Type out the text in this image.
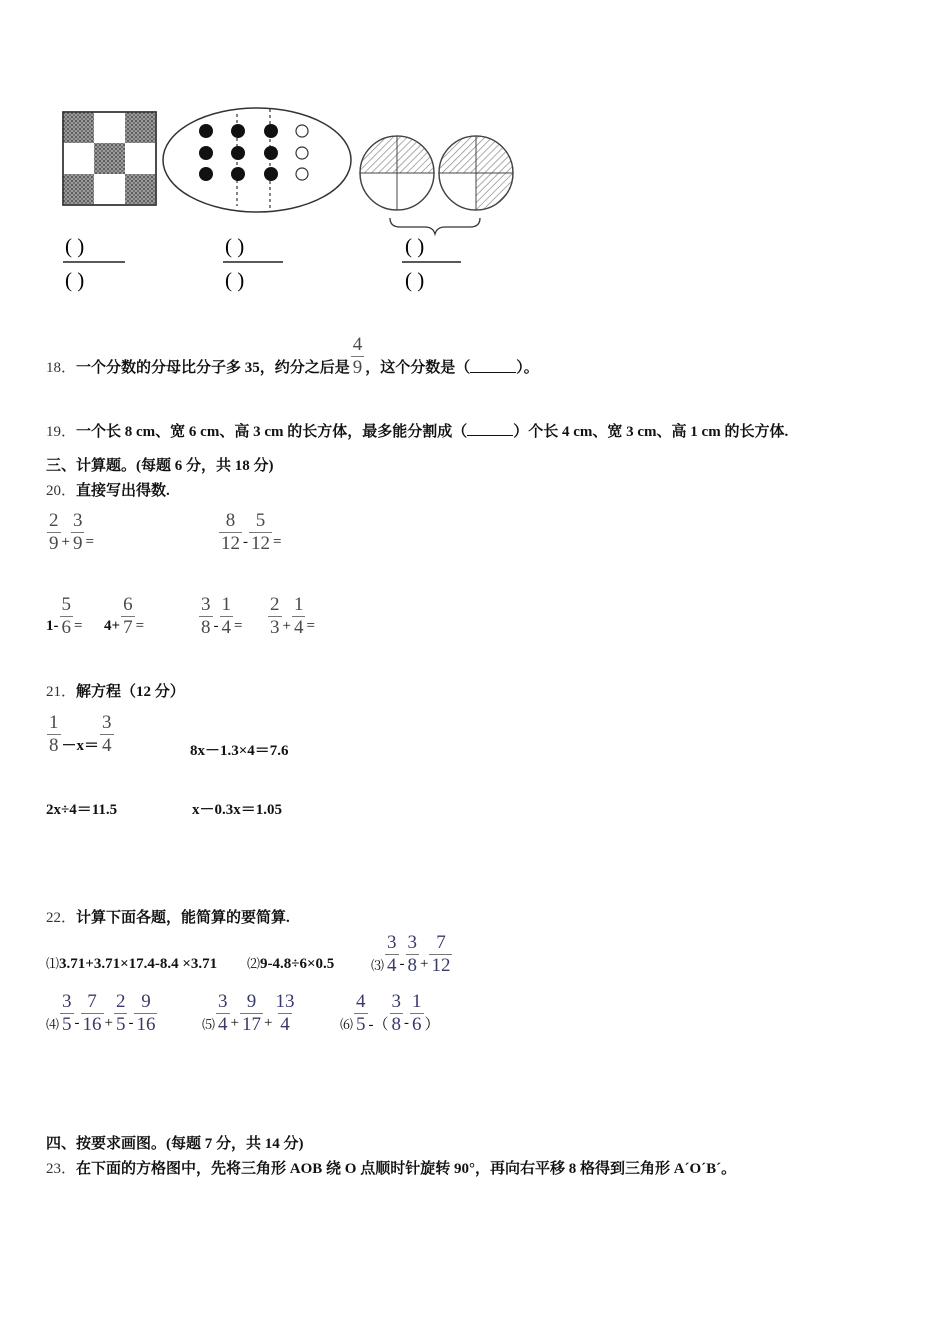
( )
( )
( )
( )
( )
( )
18．一个分数的分母比分子多 35，约分之后是 $\frac{4}{9}$ ，这个分数是（	）。
19．一个长 8 cm、宽 6 cm、高 3 cm 的长方体，最多能分割成（	）个长 4 cm、宽 3 cm、高 1 cm 的长方体.
三、计算题。(每题 6 分，共 18 分)
20．直接写出得数.
$\frac{2}{9} + \frac{3}{9}$ =	$\frac{8}{12} - \frac{5}{12}$ =
$1- \frac{5}{6} = 4+ \frac{6}{7}$ =	$\frac{3}{8} - \frac{1}{4} = \frac{2}{3} + \frac{1}{4}$ =
21．解方程（12 分）
$\frac{1}{8} -x= \frac{3}{4}$	8x－1.3×4＝7.6
2x÷4＝11.5	x－0.3x＝1.05
22．计算下面各题，能简算的要简算.
⑴3.71+3.71×17.4-8.4 ×3.71 ⑵9-4.8÷6×0.5	⑶ $\frac{3}{4} - \frac{3}{8} + \frac{7}{12}$
⑷ $\frac{3}{5} - \frac{7}{16} + \frac{2}{5} - \frac{9}{16}$	⑸ $\frac{3}{4} + \frac{9}{17} + \frac{13}{4}$	⑹ $\frac{4}{5}$ -（ $\frac{3}{8} - \frac{1}{6}$ ）
四、按要求画图。(每题 7 分，共 14 分)
23．在下面的方格图中，先将三角形 AOB 绕 O 点顺时针旋转 90°，再向右平移 8 格得到三角形 A´O´B´。
